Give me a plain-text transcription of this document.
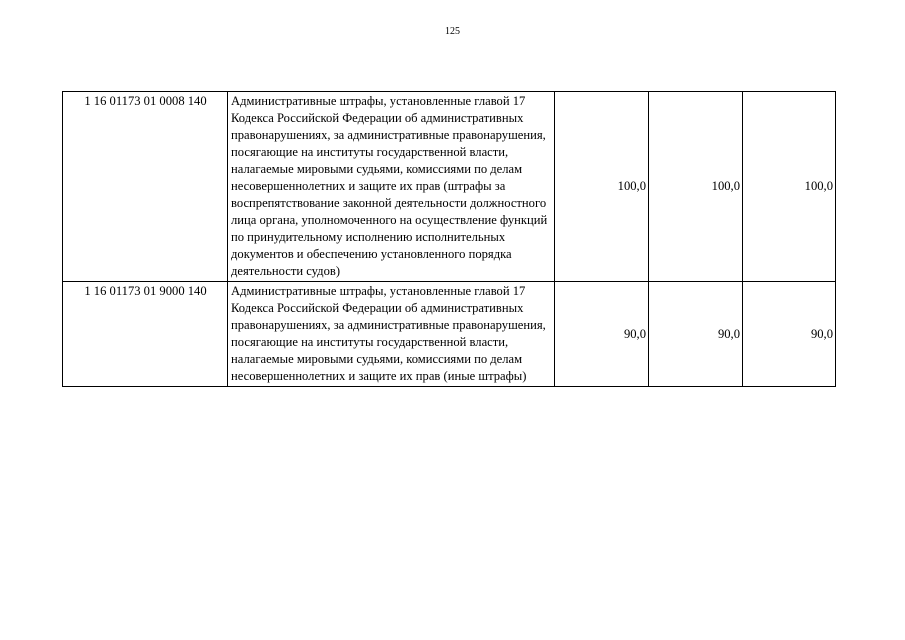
125
1 16 01173 01 0008 140	Административные штрафы, установленные главой 17 Кодекса Российской Федерации об административных правонарушениях, за административные правонарушения, посягающие на институты государственной власти, налагаемые мировыми судьями, комиссиями по делам несовершеннолетних и защите их прав (штрафы за воспрепятствование законной деятельности должностного лица органа, уполномоченного на осуществление функций по принудительному исполнению исполнительных документов и обеспечению установленного порядка деятельности судов)	100,0	100,0	100,0
1 16 01173 01 9000 140	Административные штрафы, установленные главой 17 Кодекса Российской Федерации об административных правонарушениях, за административные правонарушения, посягающие на институты государственной власти, налагаемые мировыми судьями, комиссиями по делам несовершеннолетних и защите их прав (иные штрафы)	90,0	90,0	90,0
